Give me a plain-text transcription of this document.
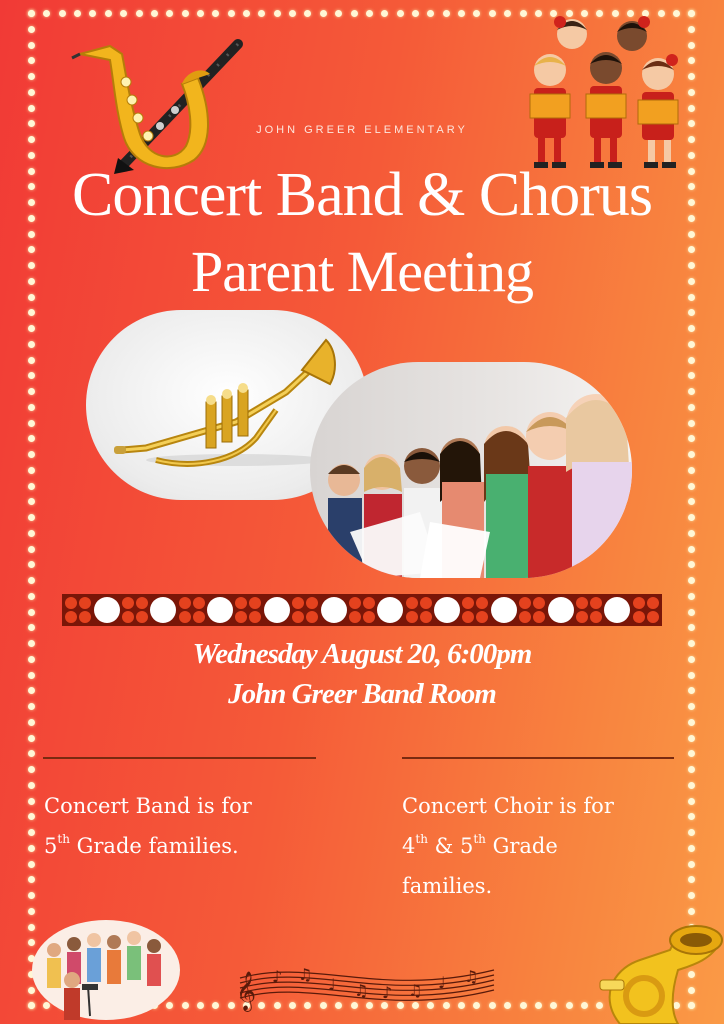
JOHN GREER ELEMENTARY
Concert Band & Chorus
Parent Meeting
Wednesday August 20, 6:00pm
John Greer Band Room
Concert Band is for
5th Grade families.
Concert Choir is for
4th & 5th Grade
families.
𝄞 ♪ ♫
♩ ♫ ♪ ♫ ♩ ♫
